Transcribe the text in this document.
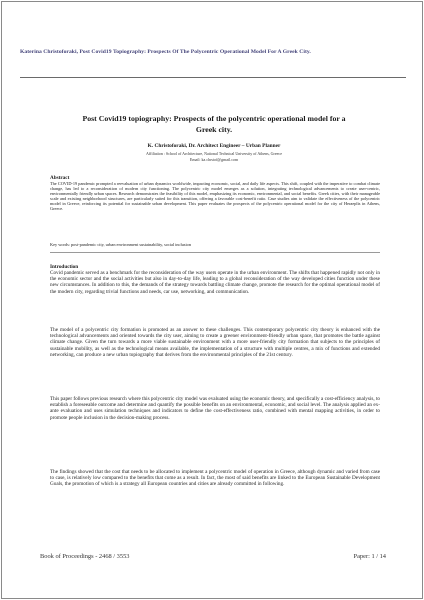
Katerina Christoforaki, Post Covid19 Topiography: Prospects Of The Polycentric Operational Model For A Greek City.
Post Covid19 topiography: Prospects of the polycentric operational model for a Greek city.
K. Christoforaki, Dr. Architect Engineer – Urban Planner
Affiliation : School of Architecture, National Technical University of Athens, Greece
Email: ka.chrstof@gmail.com
Abstract
The COVID-19 pandemic prompted a reevaluation of urban dynamics worldwide, impacting economic, social, and daily life aspects. This shift, coupled with the imperative to combat climate change, has led to a reconsideration of modern city functioning. The polycentric city model emerges as a solution, integrating technological advancements to create user-centric, environmentally friendly urban spaces. Research demonstrates the feasibility of this model, emphasizing its economic, environmental, and social benefits. Greek cities, with their manageable scale and existing neighborhood structures, are particularly suited for this transition, offering a favorable cost-benefit ratio. Case studies aim to validate the effectiveness of the polycentric model in Greece, reinforcing its potential for sustainable urban development. This paper evaluates the prospects of the polycentric operational model for the city of Heraeplis in Athens, Greece.
Key words: post-pandemic city, urban environment sustainability, social inclusion
Introduction
Covid pandemic served as a benchmark for the reconsideration of the way users operate in the urban environment. The shifts that happened rapidly not only in the economic sector and the social activities but also in day-to-day life, leading to a global reconsideration of the way developed cities function under these new circumstances. In addition to this, the demands of the strategy towards battling climate change, promote the research for the optimal operational model of the modern city, regarding trivial functions and needs, car use, networking, and communication.
The model of a polycentric city formation is promoted as an answer to these challenges. This contemporary polycentric city theory is enhanced with the technological advancements and oriented towards the city user, aiming to create a greener environment-friendly urban space, that promotes the battle against climate change. Given the turn towards a more viable sustainable environment with a more user-friendly city formation that subjects to the principles of sustainable mobility, as well as the technological means available, the implementation of a structure with multiple centres, a mix of functions and extended networking, can produce a new urban topiography that derives from the environmental principles of the 21st century.
This paper follows previous research where this polycentric city model was evaluated using the economic theory, and specifically a cost-efficiency analysis, to establish a foreseeable outcome and determine and quantify the possible benefits on an environmental, economic, and social level. The analysis applied an ex-ante evaluation and uses simulation techniques and indicators to define the cost-effectiveness ratio, combined with mental mapping activities, in order to promote people inclusion in the decision-making process.
The findings showed that the cost that needs to be allocated to implement a polycentric model of operation in Greece, although dynamic and varied from case to case, is relatively low compared to the benefits that come as a result. In fact, the most of said benefits are linked to the European Sustainable Development Goals, the promotion of which is a strategy all European countries and cities are already committed in following.
Book of Proceedings - 2468 / 3553	Paper: 1 / 14
